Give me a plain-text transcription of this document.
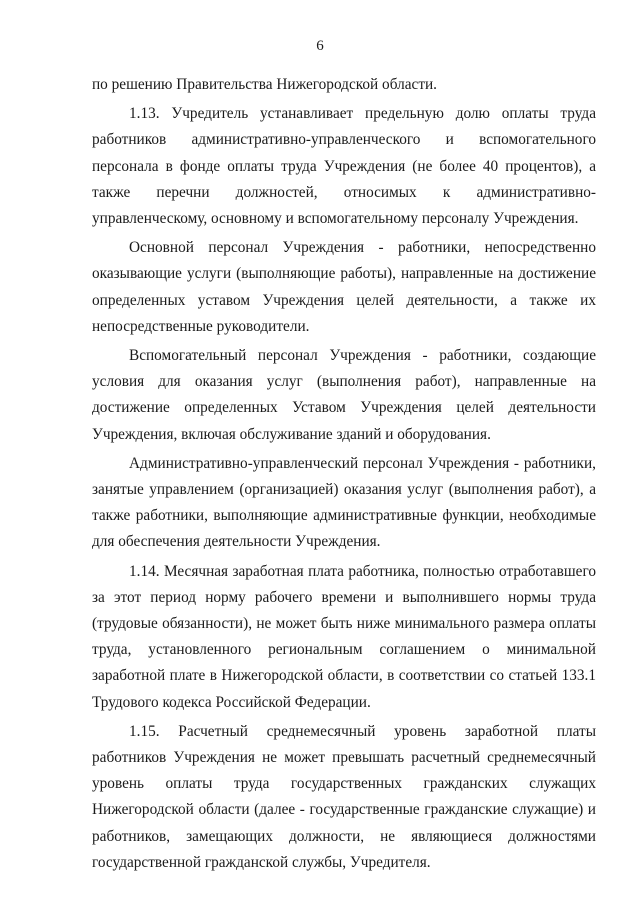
6

по решению Правительства Нижегородской области.

1.13. Учредитель устанавливает предельную долю оплаты труда работников административно-управленческого и вспомогательного персонала в фонде оплаты труда Учреждения (не более 40 процентов), а также перечни должностей, относимых к административно-управленческому, основному и вспомогательному персоналу Учреждения.

Основной персонал Учреждения - работники, непосредственно оказывающие услуги (выполняющие работы), направленные на достижение определенных уставом Учреждения целей деятельности, а также их непосредственные руководители.

Вспомогательный персонал Учреждения - работники, создающие условия для оказания услуг (выполнения работ), направленные на достижение определенных Уставом Учреждения целей деятельности Учреждения, включая обслуживание зданий и оборудования.

Административно-управленческий персонал Учреждения - работники, занятые управлением (организацией) оказания услуг (выполнения работ), а также работники, выполняющие административные функции, необходимые для обеспечения деятельности Учреждения.

1.14. Месячная заработная плата работника, полностью отработавшего за этот период норму рабочего времени и выполнившего нормы труда (трудовые обязанности), не может быть ниже минимального размера оплаты труда, установленного региональным соглашением о минимальной заработной плате в Нижегородской области, в соответствии со статьей 133.1 Трудового кодекса Российской Федерации.

1.15. Расчетный среднемесячный уровень заработной платы работников Учреждения не может превышать расчетный среднемесячный уровень оплаты труда государственных гражданских служащих Нижегородской области (далее - государственные гражданские служащие) и работников, замещающих должности, не являющиеся должностями государственной гражданской службы, Учредителя.
